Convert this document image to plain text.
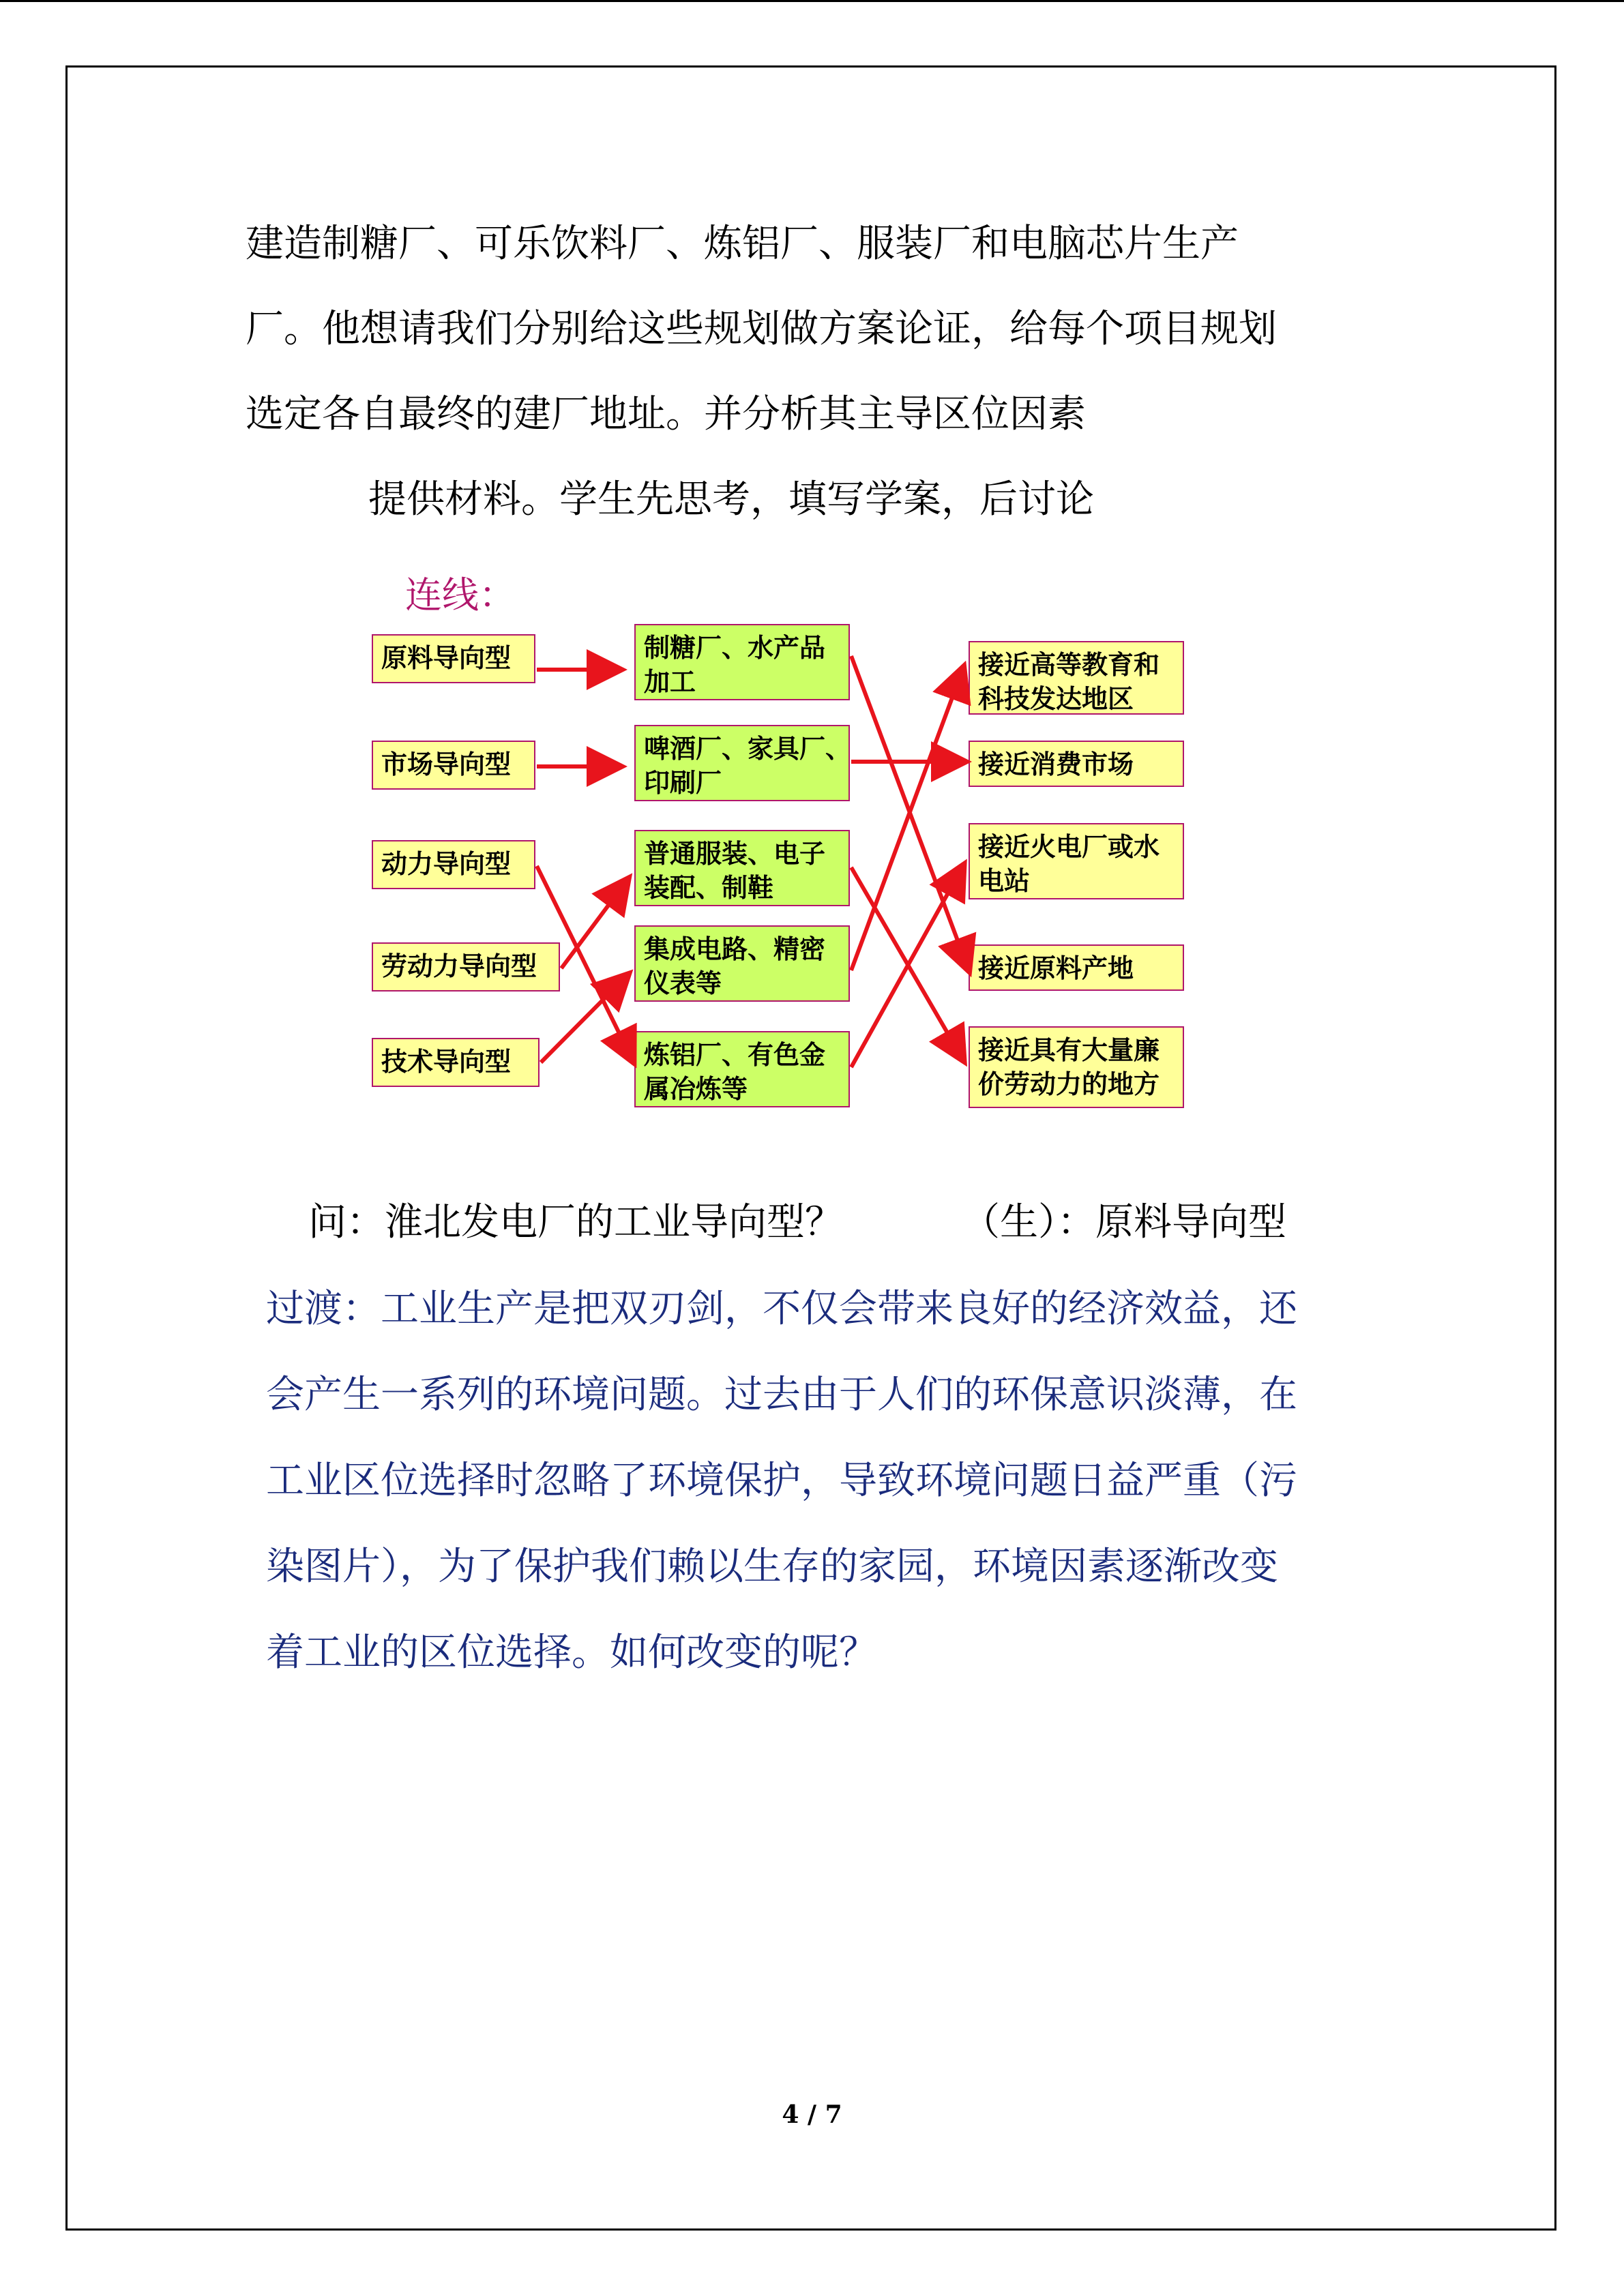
建造制糖厂、可乐饮料厂、炼铝厂、服装厂和电脑芯片生产
厂。他想请我们分别给这些规划做方案论证，给每个项目规划
选定各自最终的建厂地址。并分析其主导区位因素
提供材料。学生先思考，填写学案，后讨论
连线：
原料导向型
市场导向型
动力导向型
劳动力导向型
技术导向型
制糖厂、水产品
加工
啤酒厂、家具厂、
印刷厂
普通服装、电子
装配、制鞋
集成电路、精密
仪表等
炼铝厂、有色金
属冶炼等
接近高等教育和
科技发达地区
接近消费市场
接近火电厂或水
电站
接近原料产地
接近具有大量廉
价劳动力的地方
问：淮北发电厂的工业导向型？	（生）：原料导向型
过渡：工业生产是把双刃剑，不仅会带来良好的经济效益，还
会产生一系列的环境问题。过去由于人们的环保意识淡薄，在
工业区位选择时忽略了环境保护，导致环境问题日益严重（污
染图片），为了保护我们赖以生存的家园，环境因素逐渐改变
着工业的区位选择。如何改变的呢？
4 / 7
